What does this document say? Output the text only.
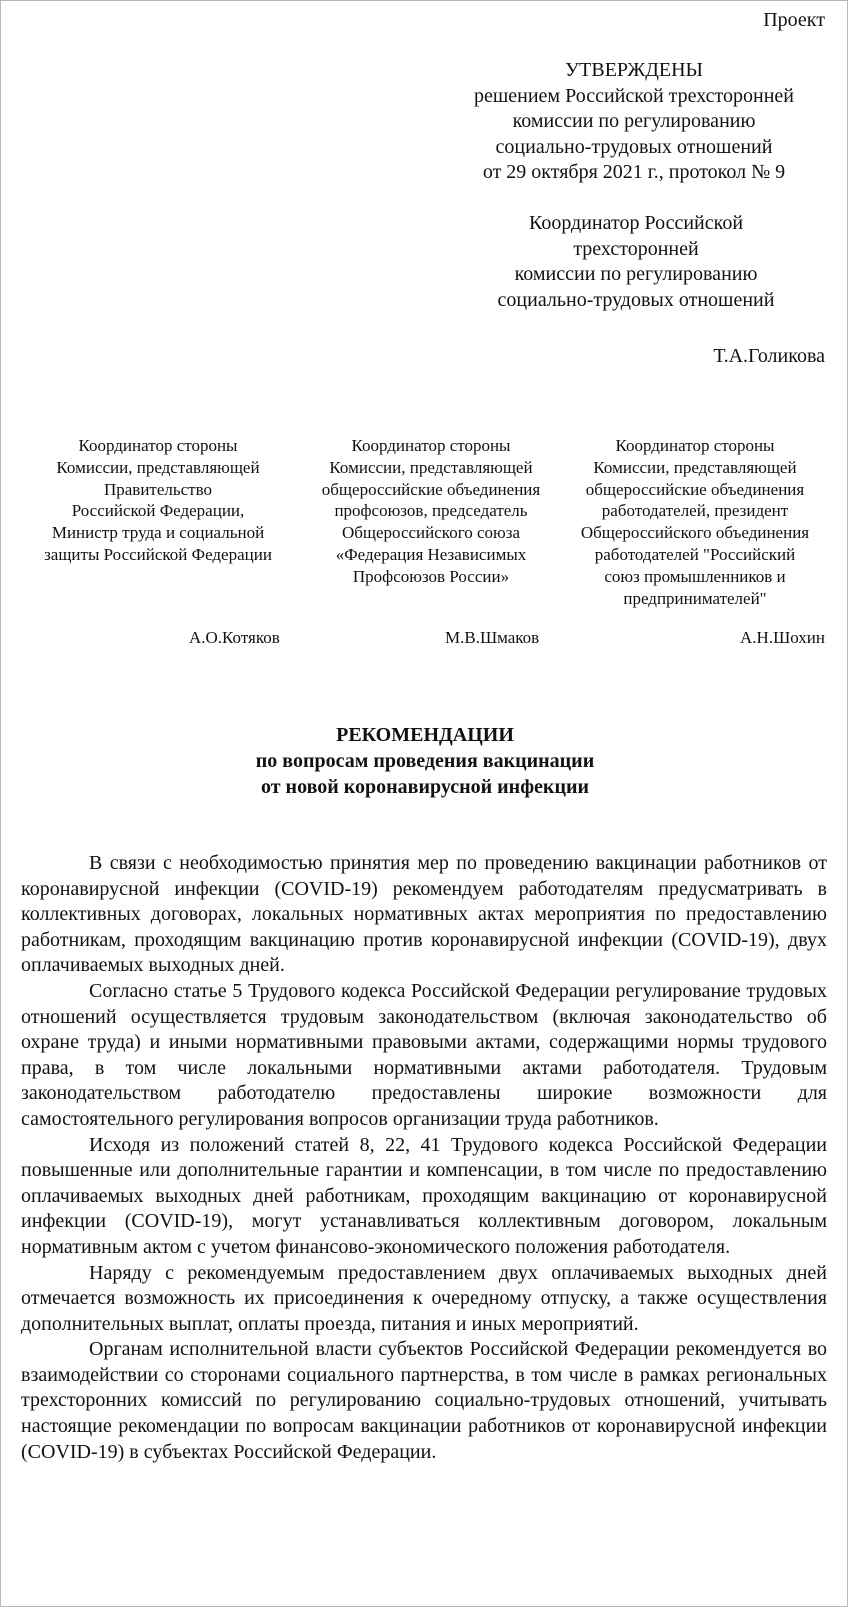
Проект
УТВЕРЖДЕНЫ
решением Российской трехсторонней
комиссии по регулированию
социально-трудовых отношений
от 29 октября 2021 г., протокол № 9
Координатор Российской
трехсторонней
комиссии по регулированию
социально-трудовых отношений
Т.А.Голикова
Координатор стороны
Комиссии, представляющей
Правительство
Российской Федерации,
Министр труда и социальной
защиты Российской Федерации
Координатор стороны
Комиссии, представляющей
общероссийские объединения
профсоюзов, председатель
Общероссийского союза
«Федерация Независимых
Профсоюзов России»
Координатор стороны
Комиссии, представляющей
общероссийские объединения
работодателей, президент
Общероссийского объединения
работодателей "Российский
союз промышленников и
предпринимателей"
А.О.Котяков	М.В.Шмаков	А.Н.Шохин
РЕКОМЕНДАЦИИ
по вопросам проведения вакцинации
от новой коронавирусной инфекции

В связи с необходимостью принятия мер по проведению вакцинации работников от коронавирусной инфекции (COVID-19) рекомендуем работодателям предусматривать в коллективных договорах, локальных нормативных актах мероприятия по предоставлению работникам, проходящим вакцинацию против коронавирусной инфекции (COVID-19), двух оплачиваемых выходных дней.

Согласно статье 5 Трудового кодекса Российской Федерации регулирование трудовых отношений осуществляется трудовым законодательством (включая законодательство об охране труда) и иными нормативными правовыми актами, содержащими нормы трудового права, в том числе локальными нормативными актами работодателя. Трудовым законодательством работодателю предоставлены широкие возможности для самостоятельного регулирования вопросов организации труда работников.

Исходя из положений статей 8, 22, 41 Трудового кодекса Российской Федерации повышенные или дополнительные гарантии и компенсации, в том числе по предоставлению оплачиваемых выходных дней работникам, проходящим вакцинацию от коронавирусной инфекции (COVID-19), могут устанавливаться коллективным договором, локальным нормативным актом с учетом финансово-экономического положения работодателя.

Наряду с рекомендуемым предоставлением двух оплачиваемых выходных дней отмечается возможность их присоединения к очередному отпуску, а также осуществления дополнительных выплат, оплаты проезда, питания и иных мероприятий.

Органам исполнительной власти субъектов Российской Федерации рекомендуется во взаимодействии со сторонами социального партнерства, в том числе в рамках региональных трехсторонних комиссий по регулированию социально-трудовых отношений, учитывать настоящие рекомендации по вопросам вакцинации работников от коронавирусной инфекции (COVID-19) в субъектах Российской Федерации.
